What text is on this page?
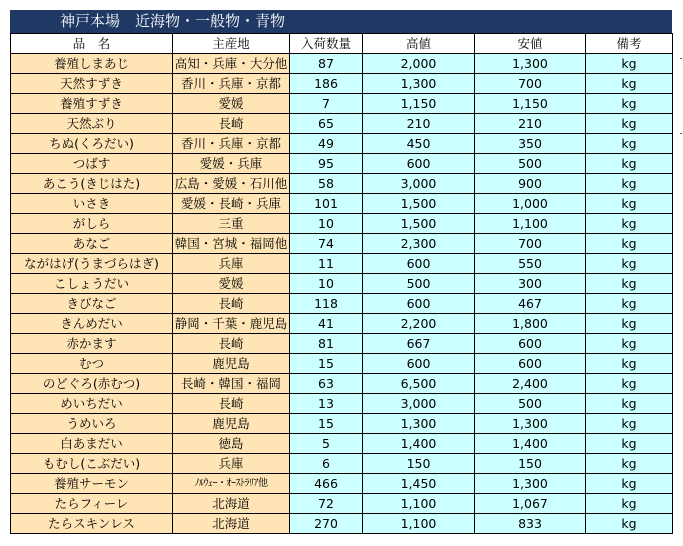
神戸本場　近海物・一般物・青物
品　名	主産地	入荷数量	高値	安値	備考
養殖しまあじ	高知・兵庫・大分他	87	2,000	1,300	kg
天然すずき	香川・兵庫・京都	186	1,300	700	kg
養殖すずき	愛媛	7	1,150	1,150	kg
天然ぶり	長崎	65	210	210	kg
ちぬ(くろだい)	香川・兵庫・京都	49	450	350	kg
つばす	愛媛・兵庫	95	600	500	kg
あこう(きじはた)	広島・愛媛・石川他	58	3,000	900	kg
いさき	愛媛・長崎・兵庫	101	1,500	1,000	kg
がしら	三重	10	1,500	1,100	kg
あなご	韓国・宮城・福岡他	74	2,300	700	kg
ながはげ(うまづらはぎ)	兵庫	11	600	550	kg
こしょうだい	愛媛	10	500	300	kg
きびなご	長崎	118	600	467	kg
きんめだい	静岡・千葉・鹿児島	41	2,200	1,800	kg
赤かます	長崎	81	667	600	kg
むつ	鹿児島	15	600	600	kg
のどぐろ(赤むつ)	長崎・韓国・福岡	63	6,500	2,400	kg
めいちだい	長崎	13	3,000	500	kg
うめいろ	鹿児島	15	1,300	1,300	kg
白あまだい	徳島	5	1,400	1,400	kg
もむし(こぶだい)	兵庫	6	150	150	kg
養殖サーモン	ﾉﾙｳｪｰ・ｵｰｽﾄﾗﾘｱ他	466	1,450	1,300	kg
たらフィーレ	北海道	72	1,100	1,067	kg
たらスキンレス	北海道	270	1,100	833	kg
